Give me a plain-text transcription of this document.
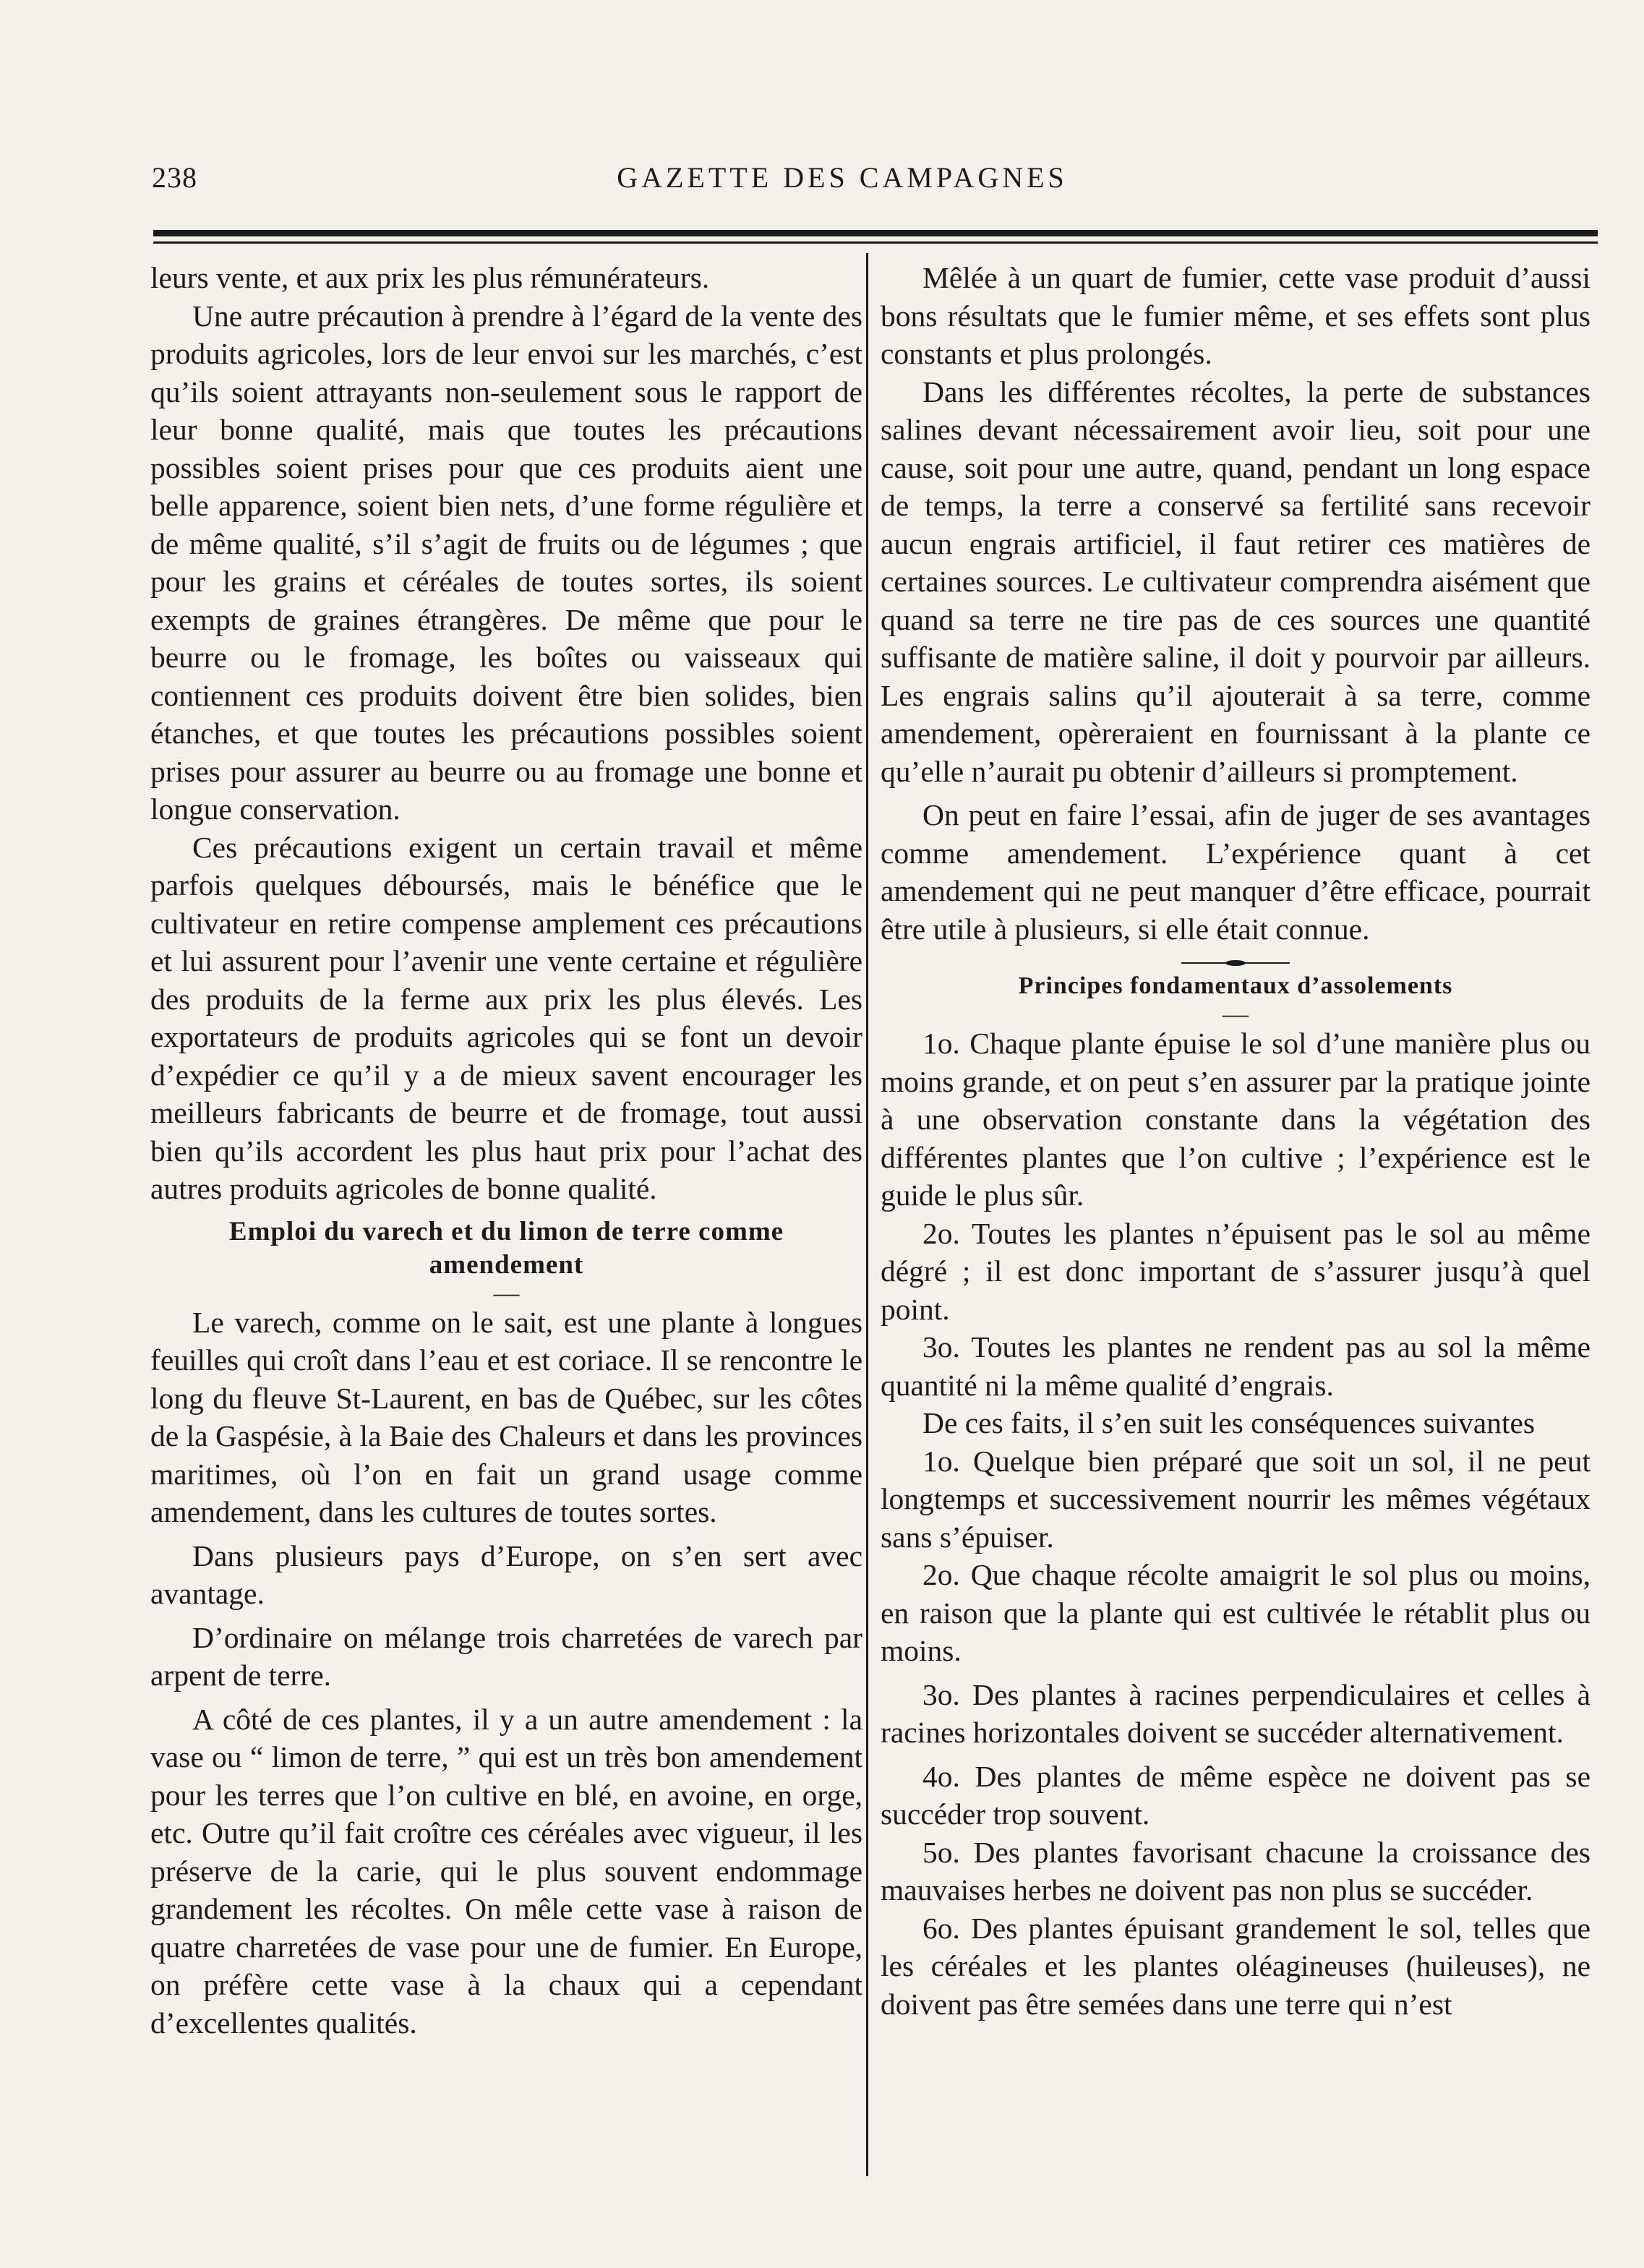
238	GAZETTE DES CAMPAGNES

leurs vente, et aux prix les plus rémunérateurs.

Une autre précaution à prendre à l’égard de la vente des produits agricoles, lors de leur envoi sur les marchés, c’est qu’ils soient attrayants non-seulement sous le rapport de leur bonne qualité, mais que toutes les précautions possibles soient prises pour que ces produits aient une belle apparence, soient bien nets, d’une forme régulière et de même qualité, s’il s’agit de fruits ou de légumes ; que pour les grains et céréales de toutes sortes, ils soient exempts de graines étrangères. De même que pour le beurre ou le fromage, les boîtes ou vaisseaux qui contiennent ces produits doivent être bien solides, bien étanches, et que toutes les précautions possibles soient prises pour assurer au beurre ou au fromage une bonne et longue conservation.

Ces précautions exigent un certain travail et même parfois quelques déboursés, mais le bénéfice que le cultivateur en retire compense amplement ces précautions et lui assurent pour l’avenir une vente certaine et régulière des produits de la ferme aux prix les plus élevés. Les exportateurs de produits agricoles qui se font un devoir d’expédier ce qu’il y a de mieux savent encourager les meilleurs fabricants de beurre et de fromage, tout aussi bien qu’ils accordent les plus haut prix pour l’achat des autres produits agricoles de bonne qualité.

Emploi du varech et du limon de terre comme amendement
—

Le varech, comme on le sait, est une plante à longues feuilles qui croît dans l’eau et est coriace. Il se rencontre le long du fleuve St-Laurent, en bas de Québec, sur les côtes de la Gaspésie, à la Baie des Chaleurs et dans les provinces maritimes, où l’on en fait un grand usage comme amendement, dans les cultures de toutes sortes.

Dans plusieurs pays d’Europe, on s’en sert avec avantage.

D’ordinaire on mélange trois charretées de varech par arpent de terre.

A côté de ces plantes, il y a un autre amendement : la vase ou “ limon de terre, ” qui est un très bon amendement pour les terres que l’on cultive en blé, en avoine, en orge, etc. Outre qu’il fait croître ces céréales avec vigueur, il les préserve de la carie, qui le plus souvent endommage grandement les récoltes. On mêle cette vase à raison de quatre charretées de vase pour une de fumier. En Europe, on préfère cette vase à la chaux qui a cependant d’excellentes qualités.

Mêlée à un quart de fumier, cette vase produit d’aussi bons résultats que le fumier même, et ses effets sont plus constants et plus prolongés.

Dans les différentes récoltes, la perte de substances salines devant nécessairement avoir lieu, soit pour une cause, soit pour une autre, quand, pendant un long espace de temps, la terre a conservé sa fertilité sans recevoir aucun engrais artificiel, il faut retirer ces matières de certaines sources. Le cultivateur comprendra aisément que quand sa terre ne tire pas de ces sources une quantité suffisante de matière saline, il doit y pourvoir par ailleurs. Les engrais salins qu’il ajouterait à sa terre, comme amendement, opèreraient en fournissant à la plante ce qu’elle n’aurait pu obtenir d’ailleurs si promptement.

On peut en faire l’essai, afin de juger de ses avantages comme amendement. L’expérience quant à cet amendement qui ne peut manquer d’être efficace, pourrait être utile à plusieurs, si elle était connue.

Principes fondamentaux d’assolements
—

1o. Chaque plante épuise le sol d’une manière plus ou moins grande, et on peut s’en assurer par la pratique jointe à une observation constante dans la végétation des différentes plantes que l’on cultive ; l’expérience est le guide le plus sûr.

2o. Toutes les plantes n’épuisent pas le sol au même dégré ; il est donc important de s’assurer jusqu’à quel point.

3o. Toutes les plantes ne rendent pas au sol la même quantité ni la même qualité d’engrais.

De ces faits, il s’en suit les conséquences suivantes

1o. Quelque bien préparé que soit un sol, il ne peut longtemps et successivement nourrir les mêmes végétaux sans s’épuiser.

2o. Que chaque récolte amaigrit le sol plus ou moins, en raison que la plante qui est cultivée le rétablit plus ou moins.

3o. Des plantes à racines perpendiculaires et celles à racines horizontales doivent se succéder alternativement.

4o. Des plantes de même espèce ne doivent pas se succéder trop souvent.

5o. Des plantes favorisant chacune la croissance des mauvaises herbes ne doivent pas non plus se succéder.

6o. Des plantes épuisant grandement le sol, telles que les céréales et les plantes oléagineuses (huileuses), ne doivent pas être semées dans une terre qui n’est
